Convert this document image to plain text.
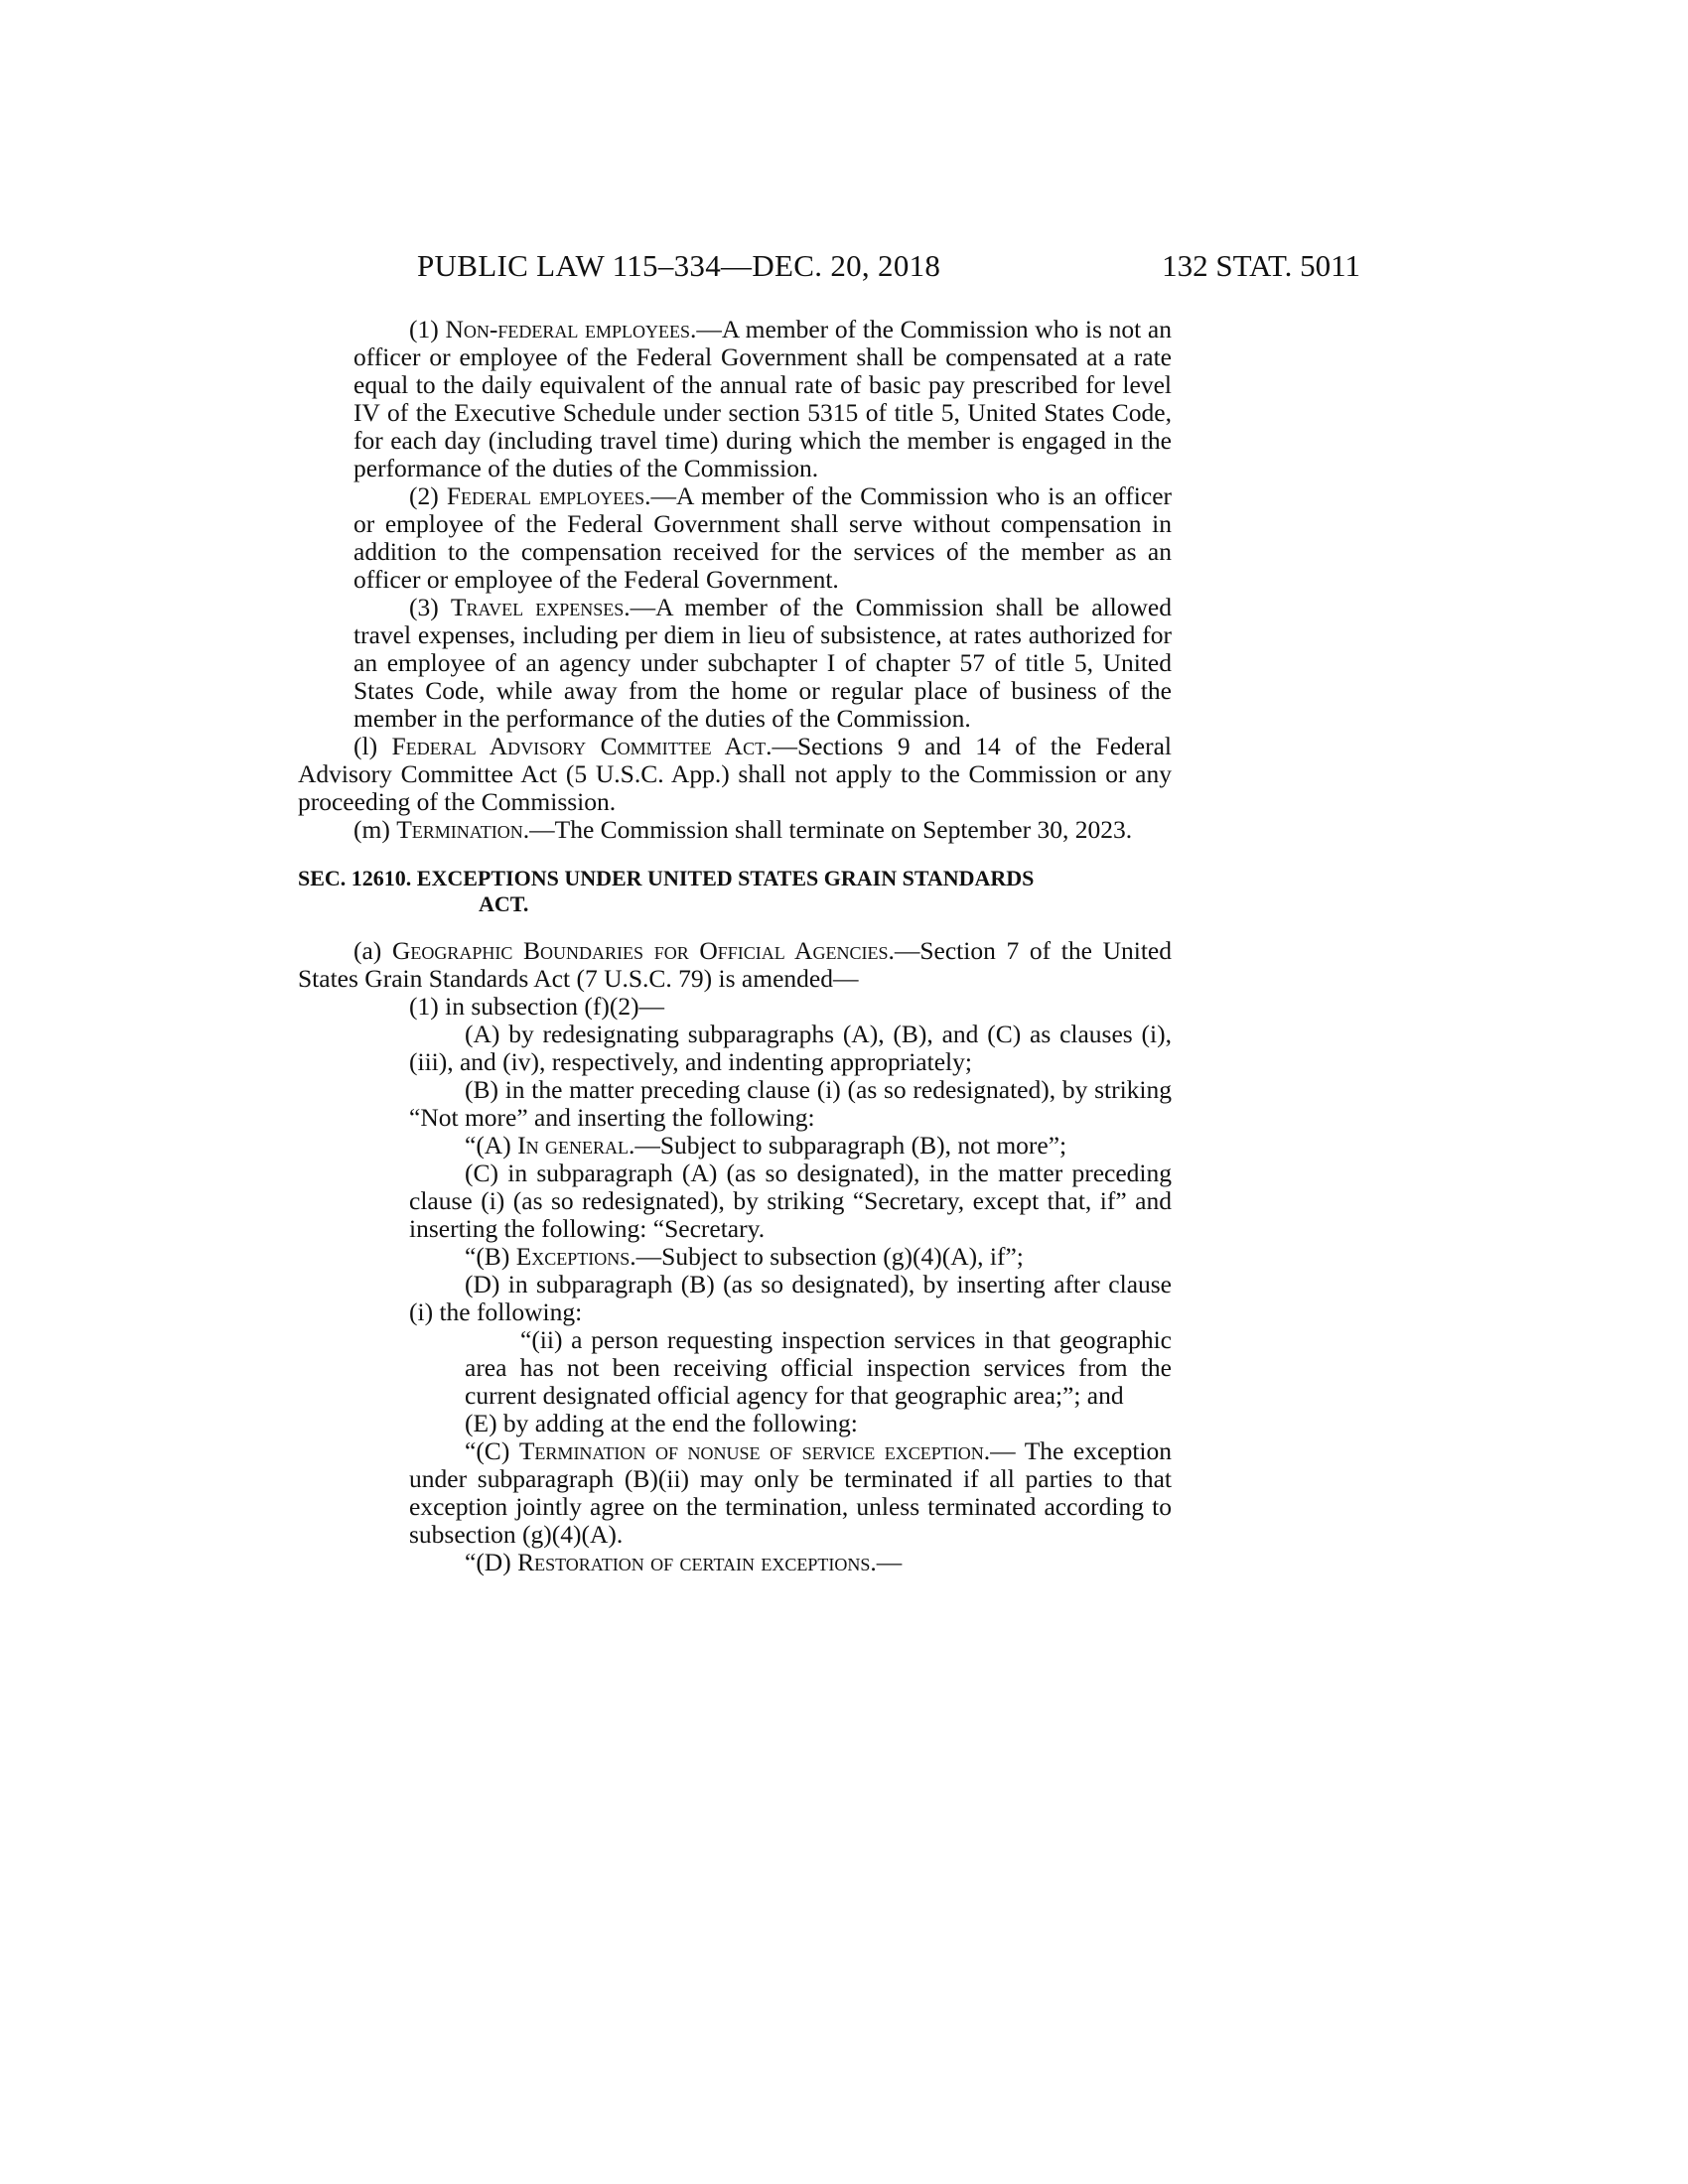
PUBLIC LAW 115–334—DEC. 20, 2018	132 STAT. 5011

(1) Non-federal employees.—A member of the Commission who is not an officer or employee of the Federal Government shall be compensated at a rate equal to the daily equivalent of the annual rate of basic pay prescribed for level IV of the Executive Schedule under section 5315 of title 5, United States Code, for each day (including travel time) during which the member is engaged in the performance of the duties of the Commission.

(2) Federal employees.—A member of the Commission who is an officer or employee of the Federal Government shall serve without compensation in addition to the compensation received for the services of the member as an officer or employee of the Federal Government.

(3) Travel expenses.—A member of the Commission shall be allowed travel expenses, including per diem in lieu of subsistence, at rates authorized for an employee of an agency under subchapter I of chapter 57 of title 5, United States Code, while away from the home or regular place of business of the member in the performance of the duties of the Commission.

(l) Federal Advisory Committee Act.—Sections 9 and 14 of the Federal Advisory Committee Act (5 U.S.C. App.) shall not apply to the Commission or any proceeding of the Commission.

(m) Termination.—The Commission shall terminate on September 30, 2023.

SEC. 12610. EXCEPTIONS UNDER UNITED STATES GRAIN STANDARDS
ACT.

(a) Geographic Boundaries for Official Agencies.—Section 7 of the United States Grain Standards Act (7 U.S.C. 79) is amended—

(1) in subsection (f)(2)—

(A) by redesignating subparagraphs (A), (B), and (C) as clauses (i), (iii), and (iv), respectively, and indenting appropriately;

(B) in the matter preceding clause (i) (as so redesignated), by striking “Not more” and inserting the following:

“(A) In general.—Subject to subparagraph (B), not more”;

(C) in subparagraph (A) (as so designated), in the matter preceding clause (i) (as so redesignated), by striking “Secretary, except that, if” and inserting the following: “Secretary.

“(B) Exceptions.—Subject to subsection (g)(4)(A), if”;

(D) in subparagraph (B) (as so designated), by inserting after clause (i) the following:

“(ii) a person requesting inspection services in that geographic area has not been receiving official inspection services from the current designated official agency for that geographic area;”; and

(E) by adding at the end the following:

“(C) Termination of nonuse of service exception.— The exception under subparagraph (B)(ii) may only be terminated if all parties to that exception jointly agree on the termination, unless terminated according to subsection (g)(4)(A).

“(D) Restoration of certain exceptions.—
